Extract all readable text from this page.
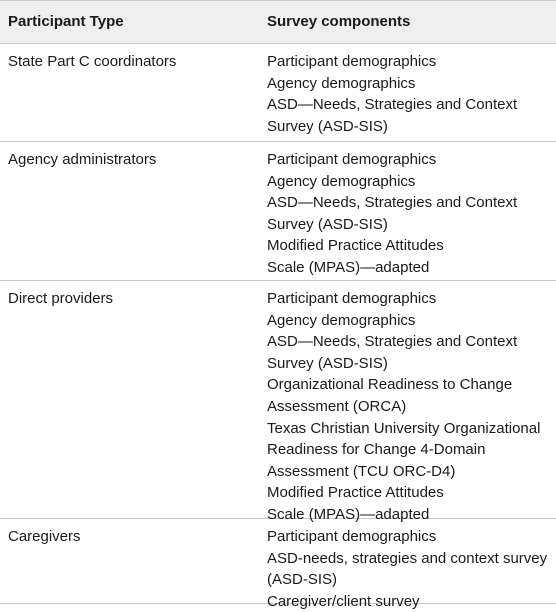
Participant Type	Survey components
State Part C coordinators	Participant demographics
Agency demographics
ASD—Needs, Strategies and Context
Survey (ASD-SIS)
Agency administrators	Participant demographics
Agency demographics
ASD—Needs, Strategies and Context
Survey (ASD-SIS)
Modified Practice Attitudes
Scale (MPAS)—adapted
Direct providers	Participant demographics
Agency demographics
ASD—Needs, Strategies and Context
Survey (ASD-SIS)
Organizational Readiness to Change
Assessment (ORCA)
Texas Christian University Organizational
Readiness for Change 4-Domain
Assessment (TCU ORC-D4)
Modified Practice Attitudes
Scale (MPAS)—adapted
Caregivers	Participant demographics
ASD-needs, strategies and context survey
(ASD-SIS)
Caregiver/client survey
